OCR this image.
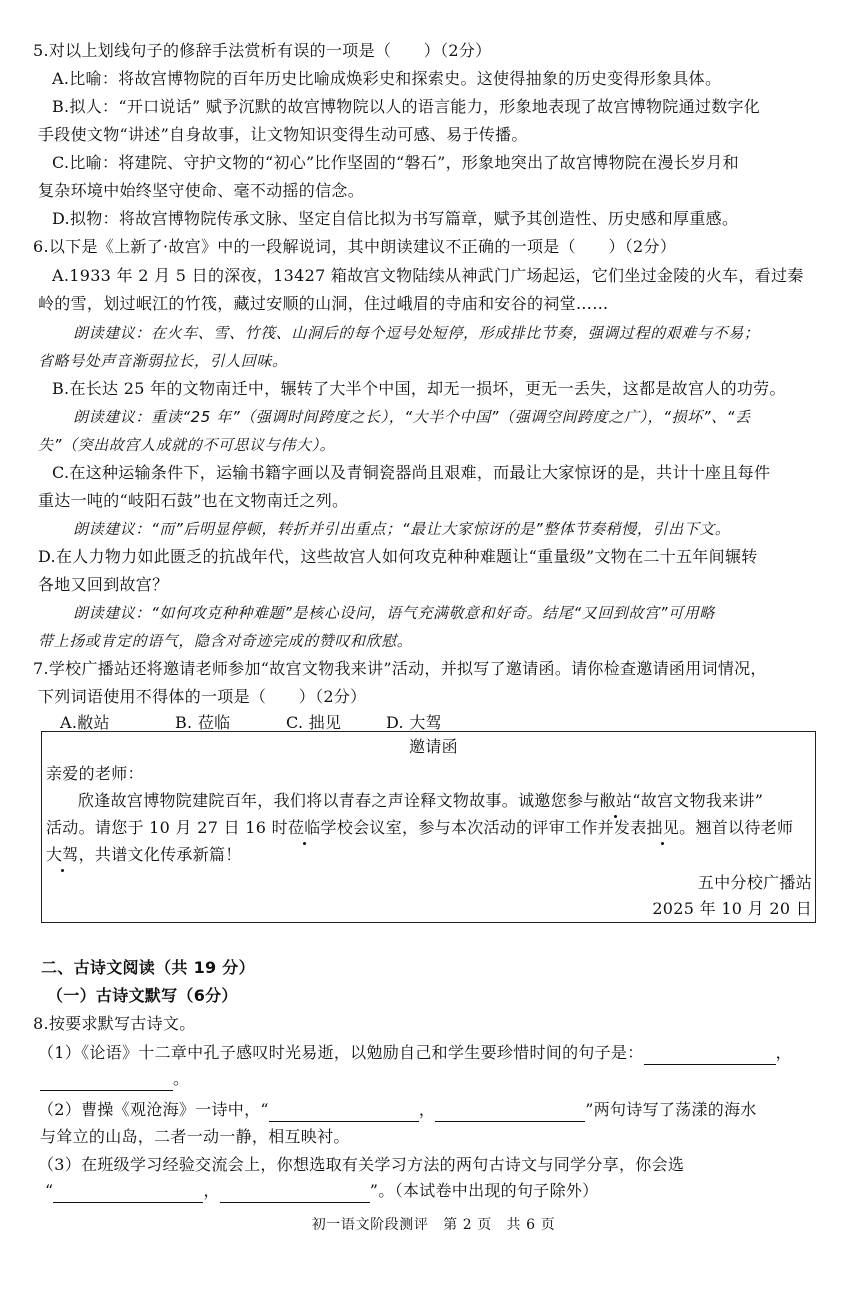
5.对以上划线句子的修辞手法赏析有误的一项是（　　）（2分）
A.比喻：将故宫博物院的百年历史比喻成焕彩史和探索史。这使得抽象的历史变得形象具体。
B.拟人：“开口说话” 赋予沉默的故宫博物院以人的语言能力，形象地表现了故宫博物院通过数字化
手段使文物“讲述”自身故事，让文物知识变得生动可感、易于传播。
C.比喻：将建院、守护文物的“初心”比作坚固的“磐石”，形象地突出了故宫博物院在漫长岁月和
复杂环境中始终坚守使命、毫不动摇的信念。
D.拟物：将故宫博物院传承文脉、坚定自信比拟为书写篇章，赋予其创造性、历史感和厚重感。
6.以下是《上新了·故宫》中的一段解说词，其中朗读建议不正确的一项是（　　）（2分）
A.1933 年 2 月 5 日的深夜，13427 箱故宫文物陆续从神武门广场起运，它们坐过金陵的火车，看过秦
岭的雪，划过岷江的竹筏，藏过安顺的山洞，住过峨眉的寺庙和安谷的祠堂……
朗读建议：在火车、雪、竹筏、山洞后的每个逗号处短停，形成排比节奏，强调过程的艰难与不易；
省略号处声音渐弱拉长，引人回味。
B.在长达 25 年的文物南迁中，辗转了大半个中国，却无一损坏，更无一丢失，这都是故宫人的功劳。
朗读建议：重读“25 年”（强调时间跨度之长），“大半个中国”（强调空间跨度之广），“损坏”、“丢
失”（突出故宫人成就的不可思议与伟大）。
C.在这种运输条件下，运输书籍字画以及青铜瓷器尚且艰难，而最让大家惊讶的是，共计十座且每件
重达一吨的“岐阳石鼓”也在文物南迁之列。
朗读建议：“而”后明显停顿，转折并引出重点；“最让大家惊讶的是”整体节奏稍慢，引出下文。
D.在人力物力如此匮乏的抗战年代，这些故宫人如何攻克种种难题让“重量级”文物在二十五年间辗转
各地又回到故宫？
朗读建议：“如何攻克种种难题”是核心设问，语气充满敬意和好奇。结尾“又回到故宫”可用略
带上扬或肯定的语气，隐含对奇迹完成的赞叹和欣慰。
7.学校广播站还将邀请老师参加“故宫文物我来讲”活动，并拟写了邀请函。请你检查邀请函用词情况，
下列词语使用不得体的一项是（　　）（2分）
A.敝站	B. 莅临	C. 拙见	D. 大驾
邀请函
亲爱的老师：
欣逢故宫博物院建院百年，我们将以青春之声诠释文物故事。诚邀您参与敝站“故宫文物我来讲”
活动。请您于 10 月 27 日 16 时莅临学校会议室，参与本次活动的评审工作并发表拙见。翘首以待老师
大驾，共谱文化传承新篇！
五中分校广播站
2025 年 10 月 20 日
二、古诗文阅读（共 19 分）
（一）古诗文默写（6分）
8.按要求默写古诗文。
（1）《论语》十二章中孔子感叹时光易逝，以勉励自己和学生要珍惜时间的句子是：	，
。
（2）曹操《观沧海》一诗中，“	，	”两句诗写了荡漾的海水
与耸立的山岛，二者一动一静，相互映衬。
（3）在班级学习经验交流会上，你想选取有关学习方法的两句古诗文与同学分享，你会选
“	，	”。（本试卷中出现的句子除外）
初一语文阶段测评　第 2 页　共 6 页
